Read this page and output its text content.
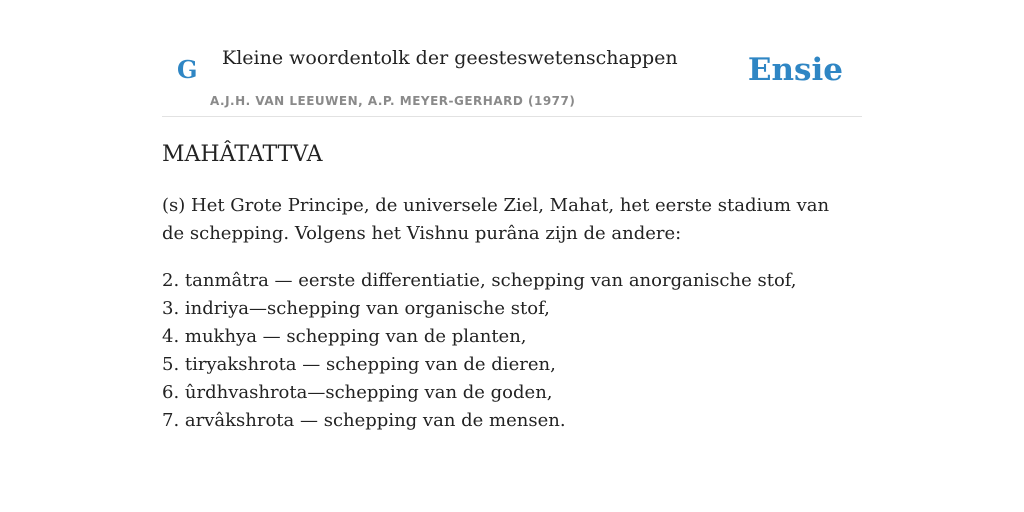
G Kleine woordentolk der geesteswetenschappen
A.J.H. VAN LEEUWEN, A.P. MEYER-GERHARD (1977)
Ensie
MAHÂTATTVA

(s) Het Grote Principe, de universele Ziel, Mahat, het eerste stadium van de schepping. Volgens het Vishnu purâna zijn de andere:

2. tanmâtra — eerste differentiatie, schepping van anorganische stof,
3. indriya—schepping van organische stof,
4. mukhya — schepping van de planten,
5. tiryakshrota — schepping van de dieren,
6. ûrdhvashrota—schepping van de goden,
7. arvâkshrota — schepping van de mensen.
